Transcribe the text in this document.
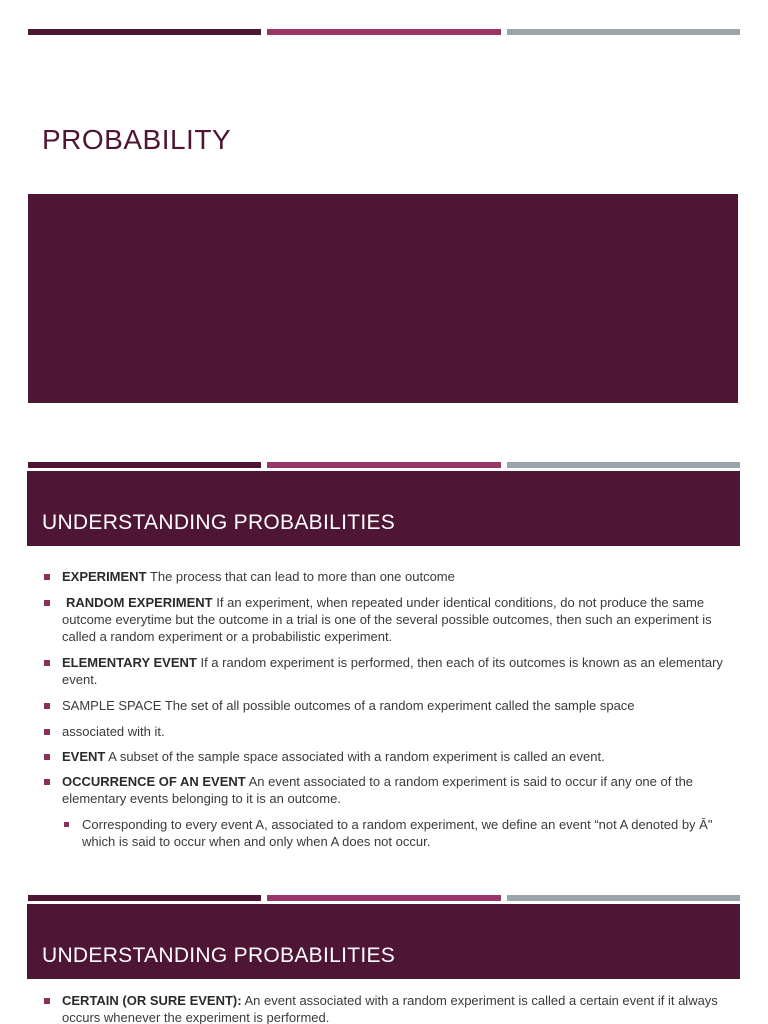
PROBABILITY
UNDERSTANDING PROBABILITIES
EXPERIMENT The process that can lead to more than one outcome
RANDOM EXPERIMENT If an experiment, when repeated under identical conditions, do not produce the same outcome everytime but the outcome in a trial is one of the several possible outcomes, then such an experiment is called a random experiment or a probabilistic experiment.
ELEMENTARY EVENT If a random experiment is performed, then each of its outcomes is known as an elementary event.
SAMPLE SPACE The set of all possible outcomes of a random experiment called the sample space
associated with it.
EVENT A subset of the sample space associated with a random experiment is called an event.
OCCURRENCE OF AN EVENT An event associated to a random experiment is said to occur if any one of the elementary events belonging to it is an outcome.
Corresponding to every event A, associated to a random experiment, we define an event “not A denoted by Ā" which is said to occur when and only when A does not occur.
UNDERSTANDING PROBABILITIES
CERTAIN (OR SURE EVENT): An event associated with a random experiment is called a certain event if it always occurs whenever the experiment is performed.
